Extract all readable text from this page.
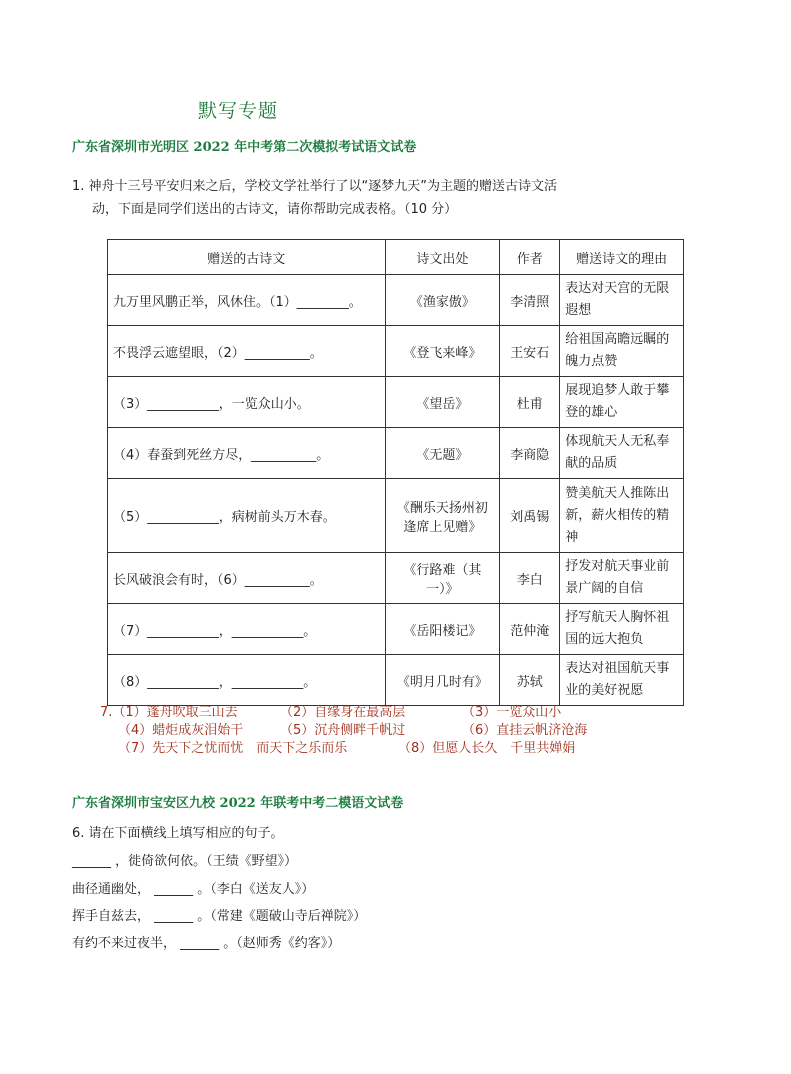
默写专题
广东省深圳市光明区 2022 年中考第二次模拟考试语文试卷
1. 神舟十三号平安归来之后，学校文学社举行了以“逐梦九天”为主题的赠送古诗文活
动，下面是同学们送出的古诗文，请你帮助完成表格。（10 分）
赠送的古诗文	诗文出处	作者	赠送诗文的理由
九万里风鹏正举，风休住。（1）________。	《渔家傲》	李清照	表达对天宫的无限遐想
不畏浮云遮望眼，（2）__________。	《登飞来峰》	王安石	给祖国高瞻远瞩的魄力点赞
（3）___________，一览众山小。	《望岳》	杜甫	展现追梦人敢于攀登的雄心
（4）春蚕到死丝方尽，__________。	《无题》	李商隐	体现航天人无私奉献的品质
（5）___________，病树前头万木春。	《酬乐天扬州初逢席上见赠》	刘禹锡	赞美航天人推陈出新，薪火相传的精神
长风破浪会有时，（6）__________。	《行路难（其一）》	李白	抒发对航天事业前景广阔的自信
（7）___________，___________。	《岳阳楼记》	范仲淹	抒写航天人胸怀祖国的远大抱负
（8）___________，___________。	《明月几时有》	苏轼	表达对祖国航天事业的美好祝愿
7.（1）蓬舟吹取三山去	（2）自缘身在最高层	（3）一览众山小
（4）蜡炬成灰泪始干	（5）沉舟侧畔千帆过	（6）直挂云帆济沧海
（7）先天下之忧而忧　而天下之乐而乐	（8）但愿人长久　千里共婵娟
广东省深圳市宝安区九校 2022 年联考中考二模语文试卷
6. 请在下面横线上填写相应的句子。
______ ，徙倚欲何依。（王绩《野望》）
曲径通幽处， ______ 。（李白《送友人》）
挥手自兹去， ______ 。（常建《题破山寺后禅院》）
有约不来过夜半， ______ 。（赵师秀《约客》）
